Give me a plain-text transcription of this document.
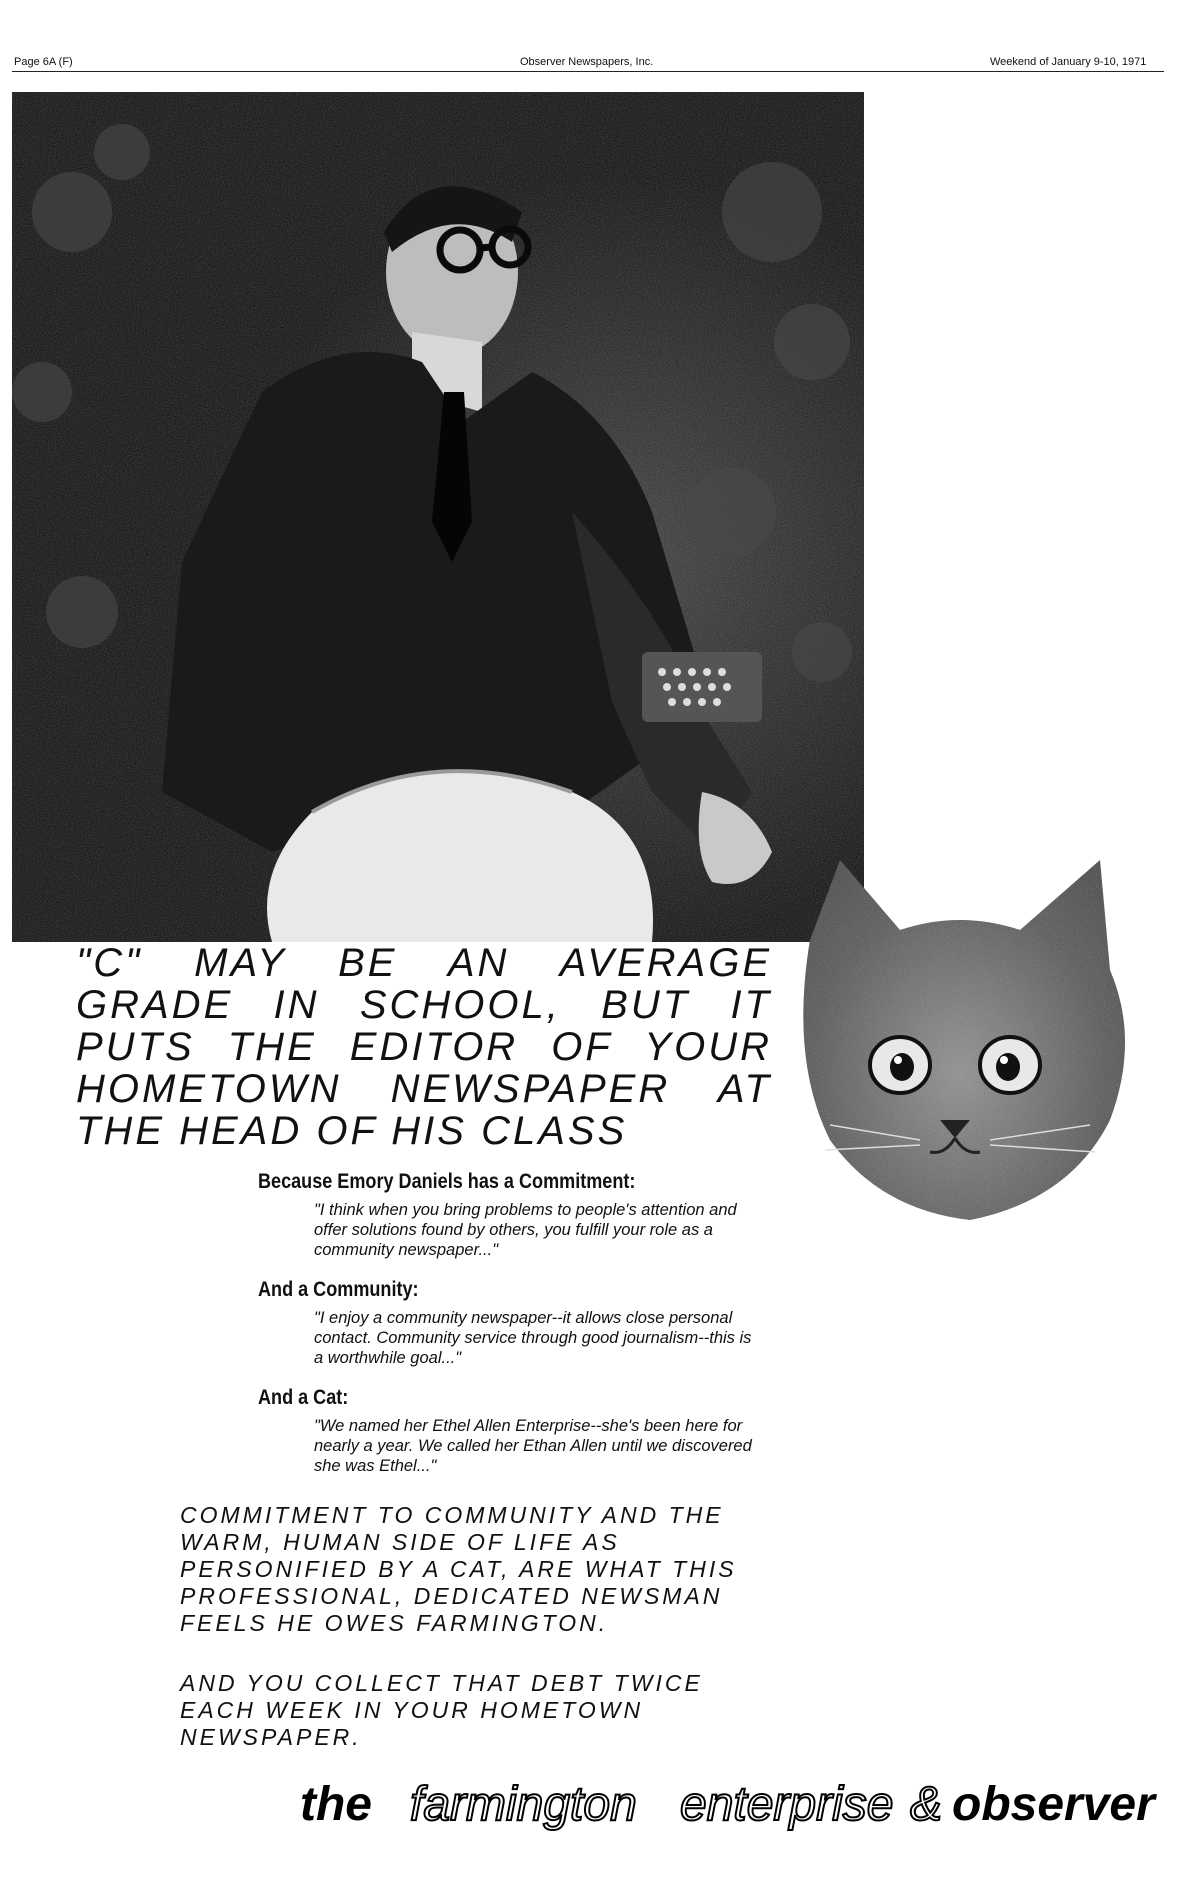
Page 6A (F)	Observer Newspapers, Inc.	Weekend of January 9-10, 1971
"C" MAY BE AN AVERAGE GRADE IN SCHOOL, BUT IT PUTS THE EDITOR OF YOUR HOMETOWN NEWSPAPER AT THE HEAD OF HIS CLASS
Because Emory Daniels has a Commitment:
"I think when you bring problems to people's attention and offer solutions found by others, you fulfill your role as a community newspaper..."
And a Community:
"I enjoy a community newspaper--it allows close personal contact. Community service through good journalism--this is a worthwhile goal..."
And a Cat:
"We named her Ethel Allen Enterprise--she's been here for nearly a year. We called her Ethan Allen until we discovered she was Ethel..."
COMMITMENT TO COMMUNITY AND THE WARM, HUMAN SIDE OF LIFE AS PERSONIFIED BY A CAT, ARE WHAT THIS PROFESSIONAL, DEDICATED NEWSMAN FEELS HE OWES FARMINGTON.
AND YOU COLLECT THAT DEBT TWICE EACH WEEK IN YOUR HOMETOWN NEWSPAPER.
the farmington enterprise & observer
